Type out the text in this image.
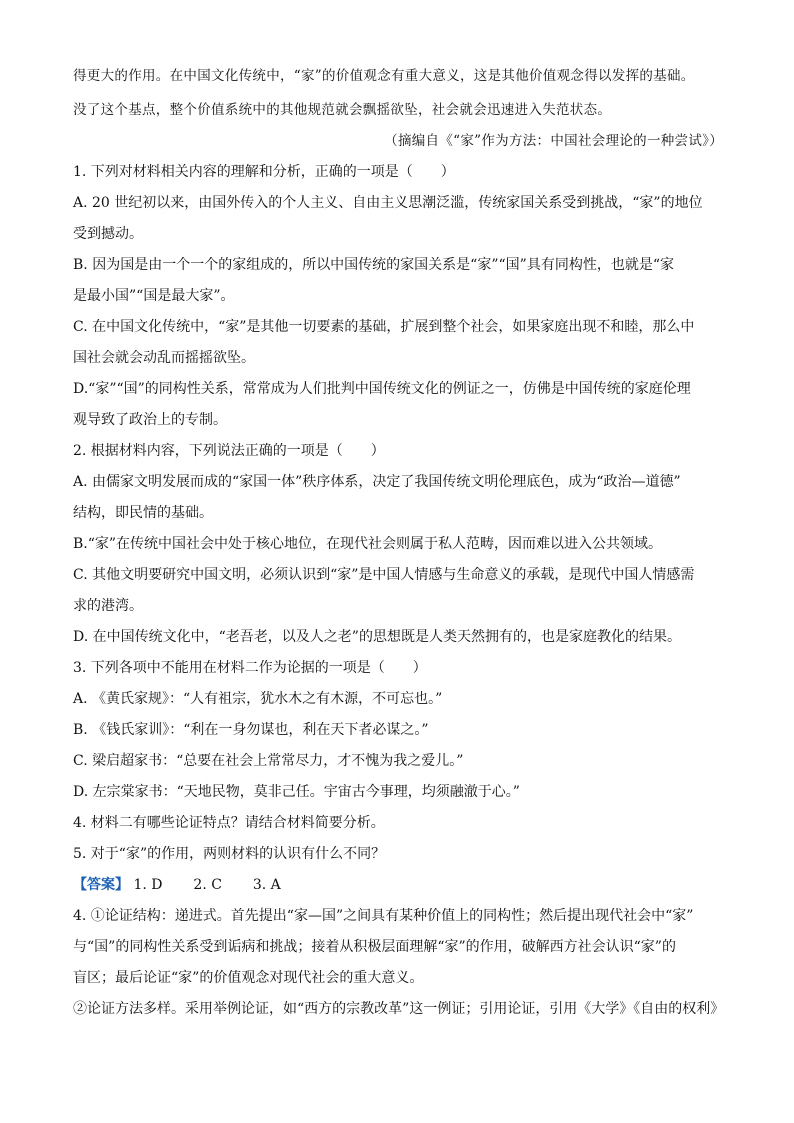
得更大的作用。在中国文化传统中，“家”的价值观念有重大意义，这是其他价值观念得以发挥的基础。
没了这个基点，整个价值系统中的其他规范就会飘摇欲坠，社会就会迅速进入失范状态。
（摘编自《“家”作为方法：中国社会理论的一种尝试》）
1. 下列对材料相关内容的理解和分析，正确的一项是（　　）
A. 20 世纪初以来，由国外传入的个人主义、自由主义思潮泛滥，传统家国关系受到挑战，“家”的地位
受到撼动。
B. 因为国是由一个一个的家组成的，所以中国传统的家国关系是“家”“国”具有同构性，也就是“家
是最小国”“国是最大家”。
C. 在中国文化传统中，“家”是其他一切要素的基础，扩展到整个社会，如果家庭出现不和睦，那么中
国社会就会动乱而摇摇欲坠。
D.“家”“国”的同构性关系，常常成为人们批判中国传统文化的例证之一，仿佛是中国传统的家庭伦理
观导致了政治上的专制。
2. 根据材料内容，下列说法正确的一项是（　　）
A. 由儒家文明发展而成的“家国一体”秩序体系，决定了我国传统文明伦理底色，成为“政治—道德”
结构，即民情的基础。
B.“家”在传统中国社会中处于核心地位，在现代社会则属于私人范畴，因而难以进入公共领域。
C. 其他文明要研究中国文明，必须认识到“家”是中国人情感与生命意义的承载，是现代中国人情感需
求的港湾。
D. 在中国传统文化中，“老吾老，以及人之老”的思想既是人类天然拥有的，也是家庭教化的结果。
3. 下列各项中不能用在材料二作为论据的一项是（　　）
A. 《黄氏家规》：“人有祖宗，犹水木之有木源，不可忘也。”
B. 《钱氏家训》：“利在一身勿谋也，利在天下者必谋之。”
C. 梁启超家书：“总要在社会上常常尽力，才不愧为我之爱儿。”
D. 左宗棠家书：“天地民物，莫非己任。宇宙古今事理，均须融澈于心。”
4. 材料二有哪些论证特点？请结合材料简要分析。
5. 对于“家”的作用，两则材料的认识有什么不同？
【答案】 1. D 2. C 3. A
4. ①论证结构：递进式。首先提出“家—国”之间具有某种价值上的同构性；然后提出现代社会中“家”
与“国”的同构性关系受到诟病和挑战；接着从积极层面理解“家”的作用，破解西方社会认识“家”的
盲区；最后论证“家”的价值观念对现代社会的重大意义。
②论证方法多样。采用举例论证，如“西方的宗教改革”这一例证；引用论证，引用《大学》《自由的权利》
